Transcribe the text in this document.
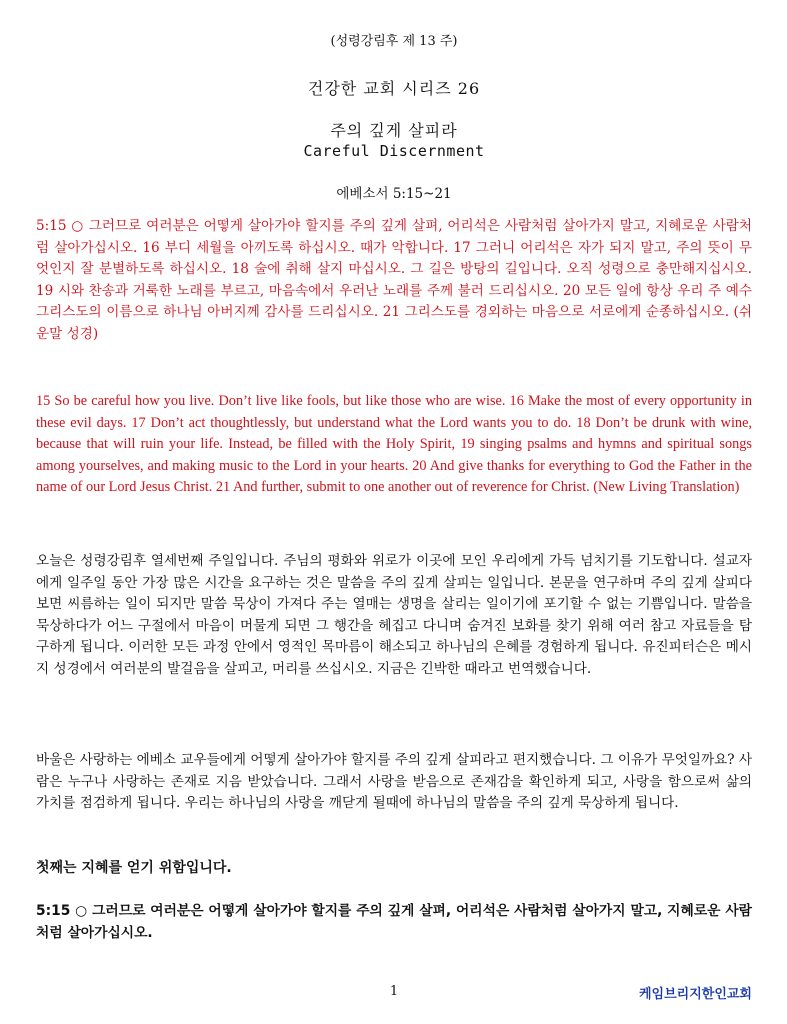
(성령강림후 제 13 주)
건강한 교회 시리즈 26
주의 깊게 살피라
Careful Discernment
에베소서 5:15~21

5:15 ○ 그러므로 여러분은 어떻게 살아가야 할지를 주의 깊게 살펴, 어리석은 사람처럼 살아가지 말고, 지혜로운 사람처럼 살아가십시오. 16 부디 세월을 아끼도록 하십시오. 때가 악합니다. 17 그러니 어리석은 자가 되지 말고, 주의 뜻이 무엇인지 잘 분별하도록 하십시오. 18 술에 취해 살지 마십시오. 그 길은 방탕의 길입니다. 오직 성령으로 충만해지십시오. 19 시와 찬송과 거룩한 노래를 부르고, 마음속에서 우러난 노래를 주께 불러 드리십시오. 20 모든 일에 항상 우리 주 예수 그리스도의 이름으로 하나님 아버지께 감사를 드리십시오. 21 그리스도를 경외하는 마음으로 서로에게 순종하십시오. (쉬운말 성경)

15 So be careful how you live. Don’t live like fools, but like those who are wise. 16 Make the most of every opportunity in these evil days. 17 Don’t act thoughtlessly, but understand what the Lord wants you to do. 18 Don’t be drunk with wine, because that will ruin your life. Instead, be filled with the Holy Spirit, 19 singing psalms and hymns and spiritual songs among yourselves, and making music to the Lord in your hearts. 20 And give thanks for everything to God the Father in the name of our Lord Jesus Christ. 21 And further, submit to one another out of reverence for Christ. (New Living Translation)

오늘은 성령강림후 열세번째 주일입니다. 주님의 평화와 위로가 이곳에 모인 우리에게 가득 넘치기를 기도합니다. 설교자에게 일주일 동안 가장 많은 시간을 요구하는 것은 말씀을 주의 깊게 살피는 일입니다. 본문을 연구하며 주의 깊게 살피다 보면 씨름하는 일이 되지만 말씀 묵상이 가져다 주는 열매는 생명을 살리는 일이기에 포기할 수 없는 기쁨입니다. 말씀을 묵상하다가 어느 구절에서 마음이 머물게 되면 그 행간을 헤집고 다니며 숨겨진 보화를 찾기 위해 여러 참고 자료들을 탐구하게 됩니다. 이러한 모든 과정 안에서 영적인 목마름이 해소되고 하나님의 은혜를 경험하게 됩니다. 유진피터슨은 메시지 성경에서 여러분의 발걸음을 살피고, 머리를 쓰십시오. 지금은 긴박한 때라고 번역했습니다.

바울은 사랑하는 에베소 교우들에게 어떻게 살아가야 할지를 주의 깊게 살피라고 편지했습니다. 그 이유가 무엇일까요? 사람은 누구나 사랑하는 존재로 지음 받았습니다. 그래서 사랑을 받음으로 존재감을 확인하게 되고, 사랑을 함으로써 삶의 가치를 점검하게 됩니다. 우리는 하나님의 사랑을 깨닫게 될때에 하나님의 말씀을 주의 깊게 묵상하게 됩니다.

첫째는 지혜를 얻기 위함입니다.

5:15 ○ 그러므로 여러분은 어떻게 살아가야 할지를 주의 깊게 살펴, 어리석은 사람처럼 살아가지 말고, 지혜로운 사람처럼 살아가십시오.

1	케임브리지한인교회
